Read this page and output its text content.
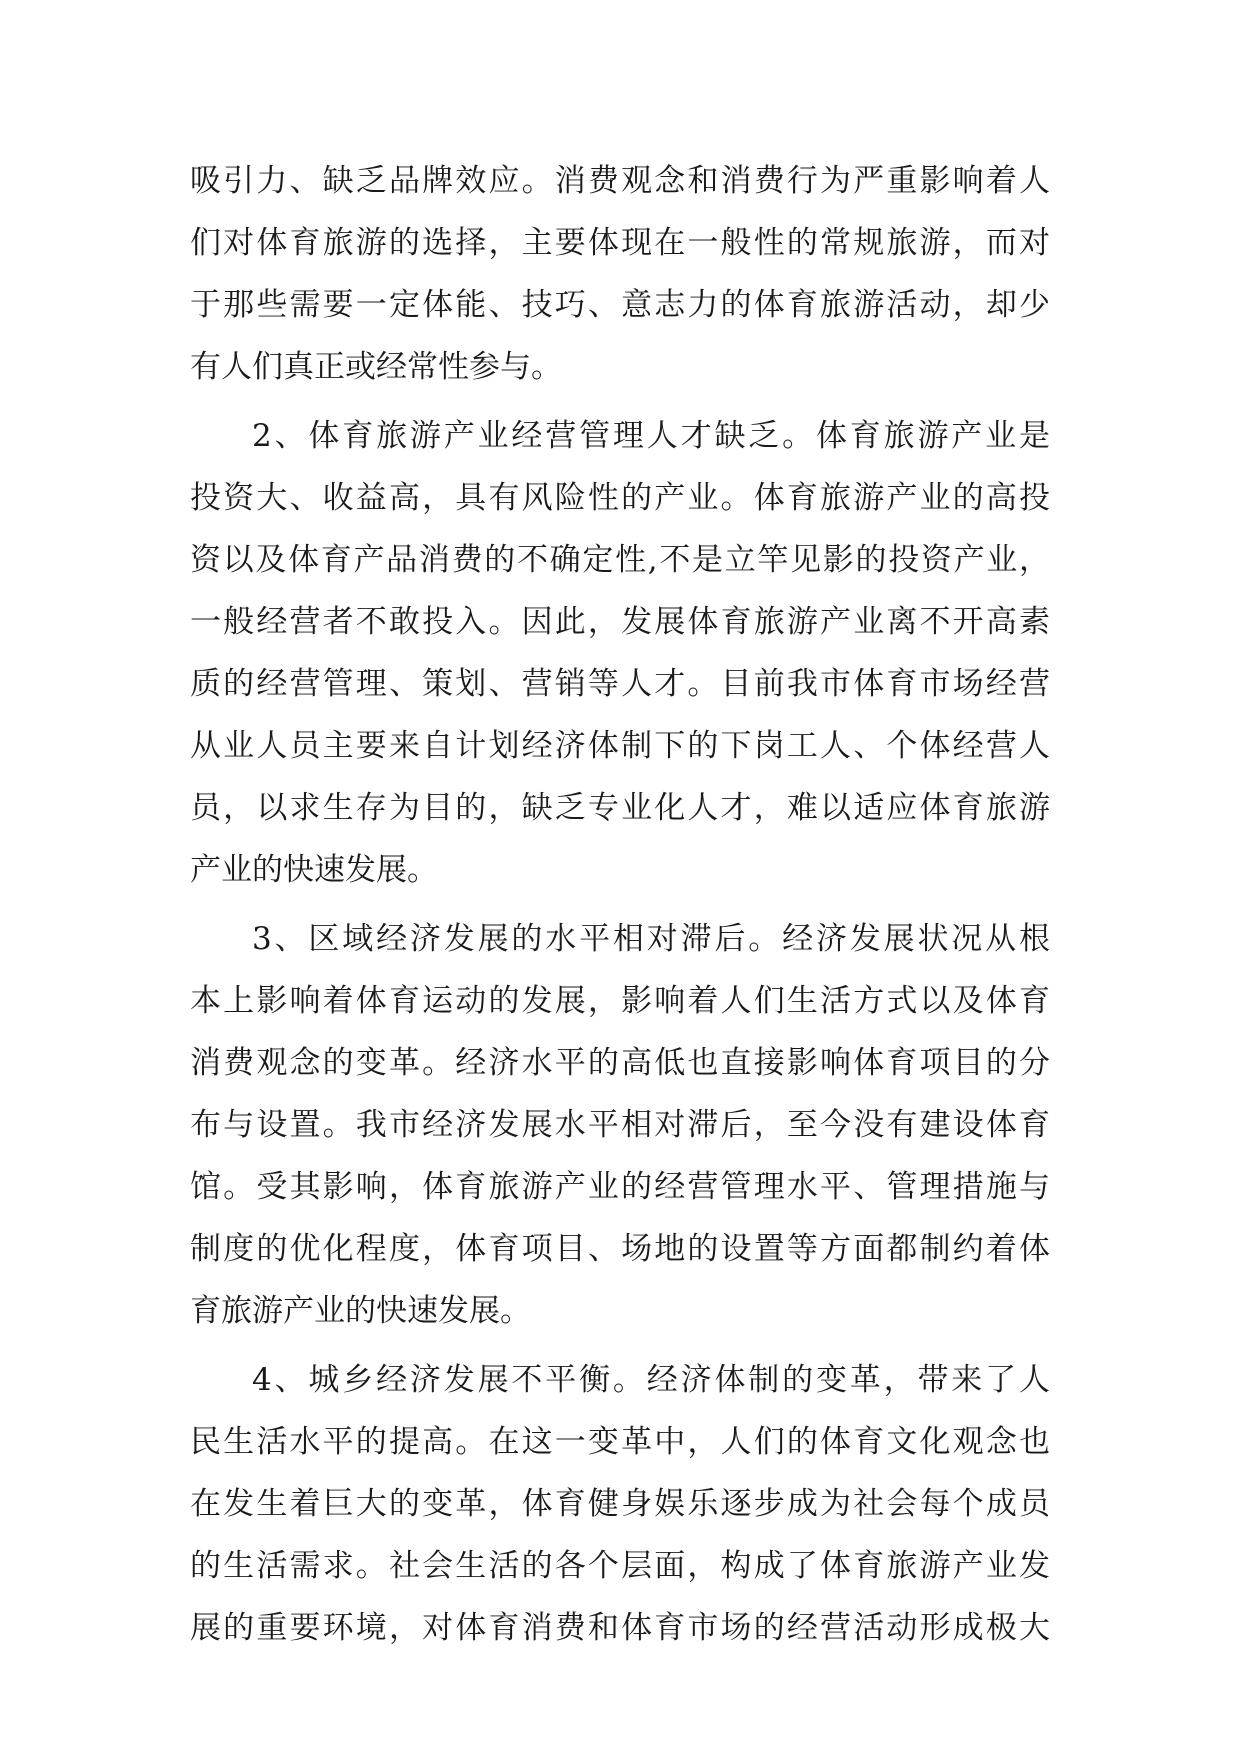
吸引力、缺乏品牌效应。消费观念和消费行为严重影响着人
们对体育旅游的选择，主要体现在一般性的常规旅游，而对
于那些需要一定体能、技巧、意志力的体育旅游活动，却少
有人们真正或经常性参与。
2、体育旅游产业经营管理人才缺乏。体育旅游产业是
投资大、收益高，具有风险性的产业。体育旅游产业的高投
资以及体育产品消费的不确定性,不是立竿见影的投资产业，
一般经营者不敢投入。因此，发展体育旅游产业离不开高素
质的经营管理、策划、营销等人才。目前我市体育市场经营
从业人员主要来自计划经济体制下的下岗工人、个体经营人
员，以求生存为目的，缺乏专业化人才，难以适应体育旅游
产业的快速发展。
3、区域经济发展的水平相对滞后。经济发展状况从根
本上影响着体育运动的发展，影响着人们生活方式以及体育
消费观念的变革。经济水平的高低也直接影响体育项目的分
布与设置。我市经济发展水平相对滞后，至今没有建设体育
馆。受其影响，体育旅游产业的经营管理水平、管理措施与
制度的优化程度，体育项目、场地的设置等方面都制约着体
育旅游产业的快速发展。
4、城乡经济发展不平衡。经济体制的变革，带来了人
民生活水平的提高。在这一变革中，人们的体育文化观念也
在发生着巨大的变革，体育健身娱乐逐步成为社会每个成员
的生活需求。社会生活的各个层面，构成了体育旅游产业发
展的重要环境，对体育消费和体育市场的经营活动形成极大
